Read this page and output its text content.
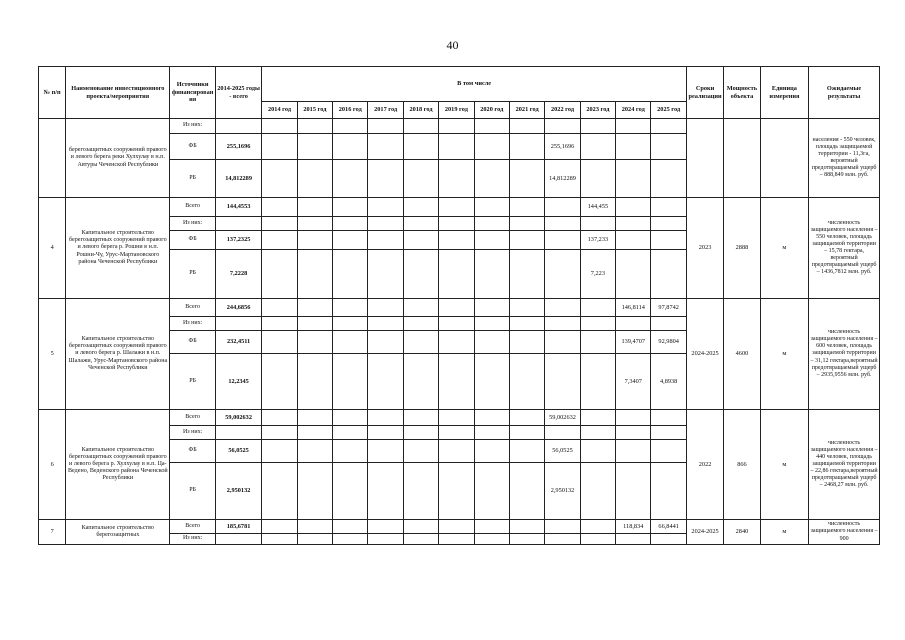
40
№ п/п	Наименование инвестиционного проекта/мероприятия	Источники финансирования	2014-2025 годы - всего	В том числе												Сроки реализации	Мощность объекта	Единица измерения	Ожидаемые результаты
				2014 год	2015 год	2016 год	2017 год	2018 год	2019 год	2020 год	2021 год	2022 год	2023 год	2024 год	2025 год				
	берегозащитных сооружений правого и левого берега реки Хулхулау в н.п. Автуры Чеченской Республики	Из них:																	населения - 550 человек, площадь защищаемой территории - 11,3га, вероятный предотвращаемый ущерб – 888,849 млн. руб.
		ФБ	255,1696									255,1696							
		РБ	14,812289									14,812289							
4	Капитальное строительство берегозащитных сооружений правого и левого берега р. Рошни в н.п. Рошни-Чу, Урус-Мартановского района Чеченской Республики	Всего	144,4553										144,455			2023	2888	м	численность защищаемого населения – 550 человек, площадь защищаемой территории – 15,78 гектара, вероятный предотвращаемый ущерб – 1436,7812 млн. руб.
		Из них:																	
		ФБ	137,2325										137,233						
		РБ	7,2228										7,223						
5	Капитальное строительство берегозащитных сооружений правого и левого берега р. Шалажи в н.п. Шалажи, Урус-Мартановского района Чеченской Республики	Всего	244,6856											146,8114	97,8742	2024-2025	4600	м	численность защищаемого населения – 600 человек, площадь защищаемой территории – 31,12 гектара,вероятный предотвращаемый ущерб – 2935,9556 млн. руб.
		Из них:																	
		ФБ	232,4511											139,4707	92,9804				
		РБ	12,2345											7,3407	4,8938				
6	Капитальное строительство берегозащитных сооружений правого и левого берега р. Хулхулау в н.п. Ца-Ведено, Веденского района Чеченской Республики	Всего	59,002632									59,002632				2022	866	м	численность защищаемого населения – 440 человек, площадь защищаемой территории – 22,86 гектара,вероятный предотвращаемый ущерб – 2468,27 млн. руб.
		Из них:																	
		ФБ	56,0525									56,0525							
		РБ	2,950132									2,950132							
7	Капитальное строительство берегозащитных	Всего	185,6781											118,834	66,8441	2024-2025	2840	м	численность защищаемого населения – 900
		Из них:																	
